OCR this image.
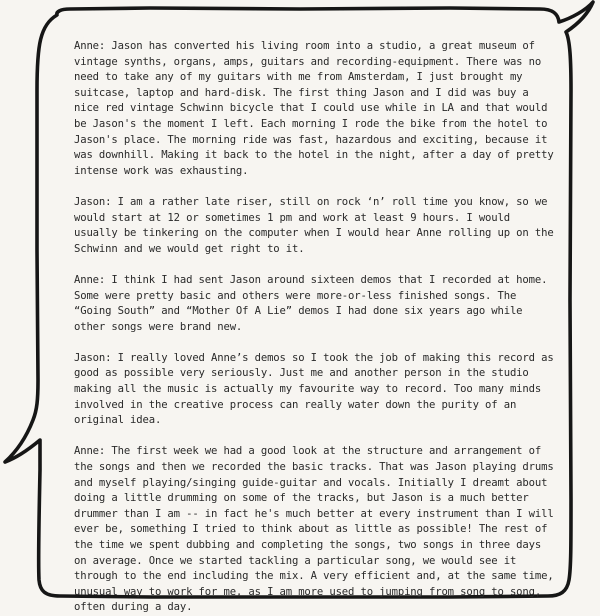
Anne: Jason has converted his living room into a studio, a great museum of vintage synths, organs, amps, guitars and recording-equipment. There was no need to take any of my guitars with me from Amsterdam, I just brought my suitcase, laptop and hard-disk. The first thing Jason and I did was buy a nice red vintage Schwinn bicycle that I could use while in LA and that would be Jason's the moment I left. Each morning I rode the bike from the hotel to Jason's place. The morning ride was fast, hazardous and exciting, because it was downhill. Making it back to the hotel in the night, after a day of pretty intense work was exhausting.

Jason: I am a rather late riser, still on rock ‘n’ roll time you know, so we would start at 12 or sometimes 1 pm and work at least 9 hours. I would usually be tinkering on the computer when I would hear Anne rolling up on the Schwinn and we would get right to it.

Anne: I think I had sent Jason around sixteen demos that I recorded at home. Some were pretty basic and others were more-or-less finished songs. The “Going South” and “Mother Of A Lie” demos I had done six years ago while other songs were brand new.

Jason: I really loved Anne’s demos so I took the job of making this record as good as possible very seriously. Just me and another person in the studio making all the music is actually my favourite way to record. Too many minds involved in the creative process can really water down the purity of an original idea.

Anne: The first week we had a good look at the structure and arrangement of the songs and then we recorded the basic tracks. That was Jason playing drums and myself playing/singing guide-guitar and vocals. Initially I dreamt about doing a little drumming on some of the tracks, but Jason is a much better drummer than I am -- in fact he's much better at every instrument than I will ever be, something I tried to think about as little as possible! The rest of the time we spent dubbing and completing the songs, two songs in three days on average. Once we started tackling a particular song, we would see it through to the end including the mix. A very efficient and, at the same time, unusual way to work for me, as I am more used to jumping from song to song, often during a day.
